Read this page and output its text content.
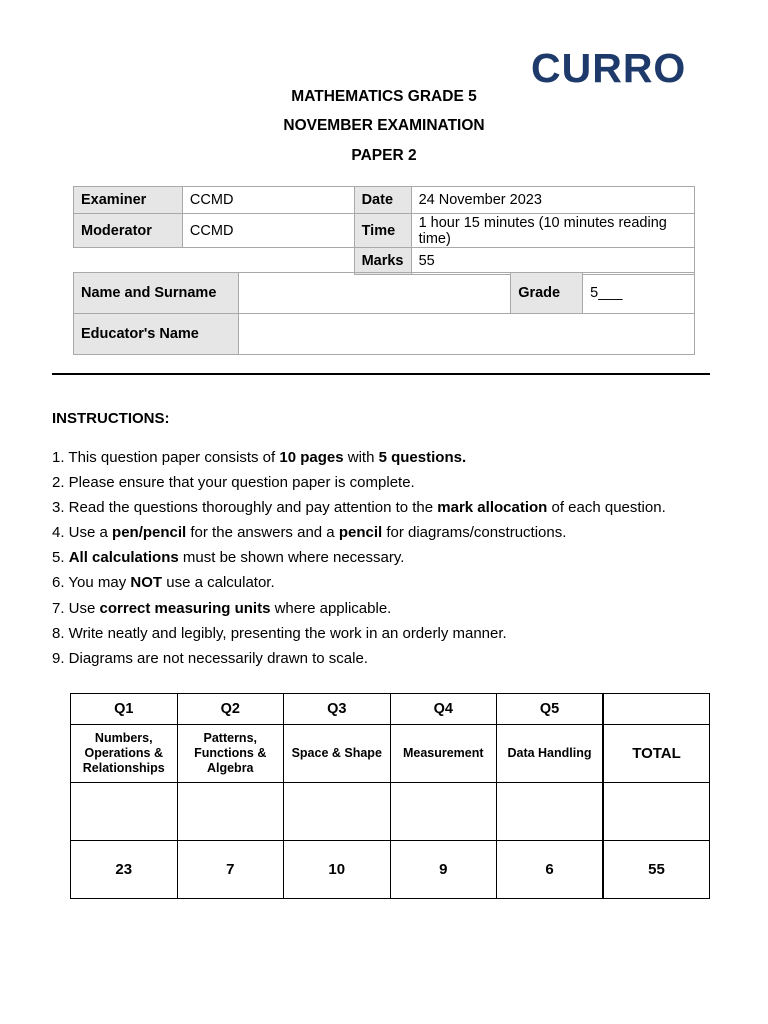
CURRO
MATHEMATICS GRADE 5
NOVEMBER EXAMINATION
PAPER 2
Examiner	CCMD	Date	24 November 2023
Moderator	CCMD	Time	1 hour 15 minutes (10 minutes reading time)
		Marks	55
Name and Surname		Grade	5___
Educator's Name			
INSTRUCTIONS:
1. This question paper consists of 10 pages with 5 questions.
2. Please ensure that your question paper is complete.
3. Read the questions thoroughly and pay attention to the mark allocation of each question.
4. Use a pen/pencil for the answers and a pencil for diagrams/constructions.
5. All calculations must be shown where necessary.
6. You may NOT use a calculator.
7. Use correct measuring units where applicable.
8. Write neatly and legibly, presenting the work in an orderly manner.
9. Diagrams are not necessarily drawn to scale.
Q1	Q2	Q3	Q4	Q5	
Numbers, Operations & Relationships	Patterns, Functions & Algebra	Space & Shape	Measurement	Data Handling	TOTAL

23	7	10	9	6	55
